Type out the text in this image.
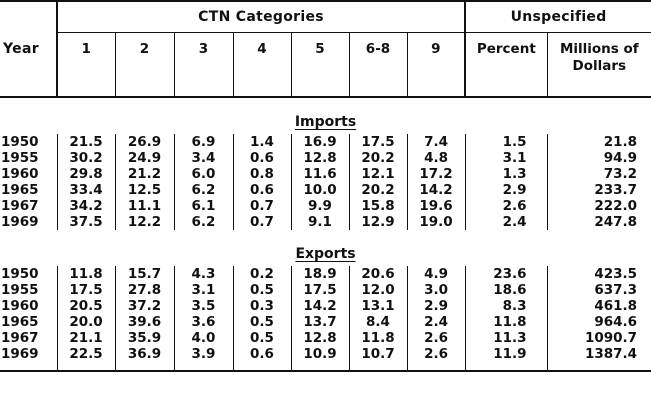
Year	CTN Categories							Unspecified	
	1	2	3	4	5	6-8	9	Percent	Millions of
Dollars

Imports									
1950	21.5	26.9	6.9	1.4	16.9	17.5	7.4	1.5	21.8
1955	30.2	24.9	3.4	0.6	12.8	20.2	4.8	3.1	94.9
1960	29.8	21.2	6.0	0.8	11.6	12.1	17.2	1.3	73.2
1965	33.4	12.5	6.2	0.6	10.0	20.2	14.2	2.9	233.7
1967	34.2	11.1	6.1	0.7	9.9	15.8	19.6	2.6	222.0
1969	37.5	12.2	6.2	0.7	9.1	12.9	19.0	2.4	247.8

Exports									
1950	11.8	15.7	4.3	0.2	18.9	20.6	4.9	23.6	423.5
1955	17.5	27.8	3.1	0.5	17.5	12.0	3.0	18.6	637.3
1960	20.5	37.2	3.5	0.3	14.2	13.1	2.9	8.3	461.8
1965	20.0	39.6	3.6	0.5	13.7	8.4	2.4	11.8	964.6
1967	21.1	35.9	4.0	0.5	12.8	11.8	2.6	11.3	1090.7
1969	22.5	36.9	3.9	0.6	10.9	10.7	2.6	11.9	1387.4
